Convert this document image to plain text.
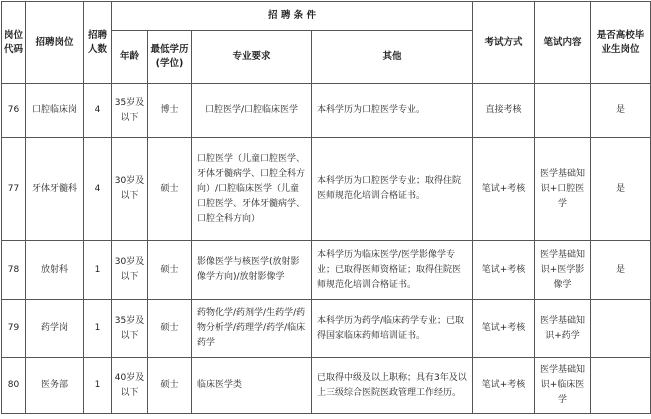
岗位代码	招聘岗位	招聘人数	招 聘 条 件				考试方式	笔试内容	是否高校毕业生岗位
			年龄	最低学历(学位)	专业要求	其他			
76	口腔临床岗	4	35岁及以下	博士	口腔医学/口腔临床医学	本科学历为口腔医学专业。	直接考核		是
77	牙体牙髓科	4	30岁及以下	硕士	口腔医学（儿童口腔医学、牙体牙髓病学、口腔全科方向）/口腔临床医学（儿童口腔医学、牙体牙髓病学、口腔全科方向）	本科学历为口腔医学专业；取得住院医师规范化培训合格证书。	笔试+考核	医学基础知识+口腔医学	是
78	放射科	1	30岁及以下	硕士	影像医学与核医学(放射影像学方向)/放射影像学	本科学历为临床医学/医学影像学专业；已取得医师资格证；取得住院医师规范化培训合格证书。	笔试+考核	医学基础知识+医学影像学	是
79	药学岗	1	35岁及以下	硕士	药物化学/药剂学/生药学/药物分析学/药理学/药学/临床药学	本科学历为药学/临床药学专业；已取得国家临床药师培训证书。	笔试+考核	医学基础知识+药学	
80	医务部	1	40岁及以下	硕士	临床医学类	已取得中级及以上职称；具有3年及以上三级综合医院医政管理工作经历。	笔试+考核	医学基础知识+临床医学	
